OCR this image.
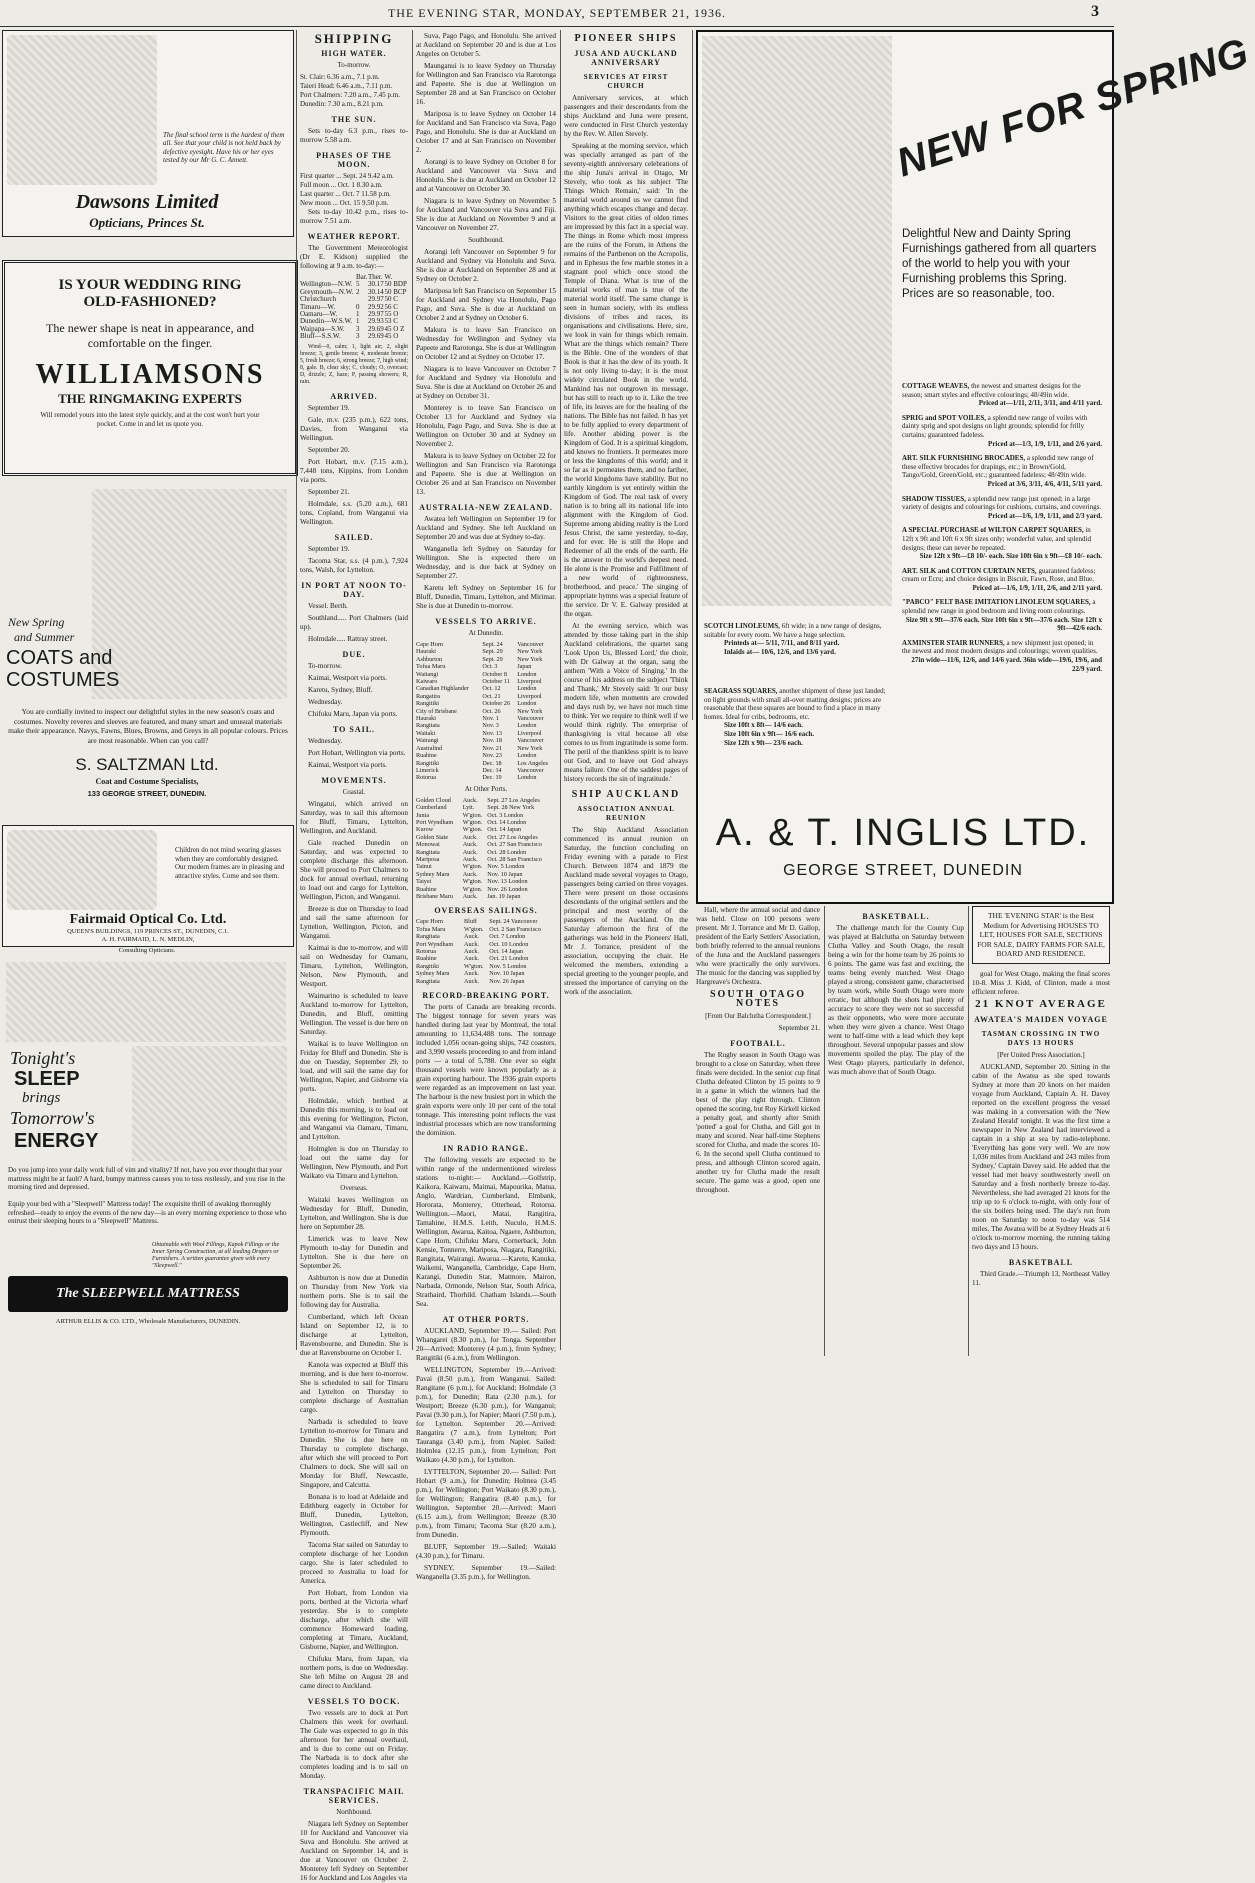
THE EVENING STAR, MONDAY, SEPTEMBER 21, 1936.	3
The final school term is the hardest of them all. See that your child is not held back by defective eyesight. Have his or her eyes tested by our Mr G. C. Annett.
Dawsons Limited
Opticians, Princes St.
IS YOUR WEDDING RING
OLD-FASHIONED?
The newer shape is neat in appearance, and comfortable on the finger.
WILLIAMSONS
THE RINGMAKING EXPERTS
Will remodel yours into the latest style quickly, and at the cost won't hurt your pocket. Come in and let us quote you.
New Spring
and Summer
COATS and
COSTUMES
You are cordially invited to inspect our delightful styles in the new season's coats and costumes. Novelty reveres and sleeves are featured, and many smart and unusual materials make their appearance. Navys, Fawns, Blues, Browns, and Greys in all popular colours. Prices are most reasonable. When can you call?
S. SALTZMAN Ltd.
Coat and Costume Specialists,
133 GEORGE STREET, DUNEDIN.
Children do not mind wearing glasses when they are comfortably designed. Our modern frames are in pleasing and attractive styles. Come and see them.
Fairmaid Optical Co. Ltd.
QUEEN'S BUILDINGS, 119 PRINCES ST., DUNEDIN, C.1.
A. H. FAIRMAID, L. N. MEDLIN,
Consulting Opticians.
Tonight's
SLEEP
brings
Tomorrow's
ENERGY
Do you jump into your daily work full of vim and vitality? If not, have you ever thought that your mattress might be at fault? A hard, bumpy mattress causes you to toss restlessly, and you rise in the morning tired and depressed.
Equip your bed with a "Sleepwell" Mattress today! The exquisite thrill of awaking thoroughly refreshed—ready to enjoy the events of the new day—is an every morning experience to those who entrust their sleeping hours to a "Sleepwell" Mattress.
Obtainable with Wool Fillings, Kapok Fillings or the Inner Spring Construction, at all leading Drapers or Furnishers. A written guarantee given with every "Sleepwell."
The SLEEPWELL MATTRESS
ARTHUR ELLIS & CO. LTD., Wholesale Manufacturers, DUNEDIN.
SHIPPING
HIGH WATER.
To-morrow.
St. Clair: 6.36 a.m., 7.1 p.m.
Taieri Head: 6.46 a.m., 7.11 p.m.
Port Chalmers: 7.20 a.m., 7.45 p.m.
Dunedin: 7.30 a.m., 8.21 p.m.
THE SUN.

Sets to-day 6.3 p.m., rises to-morrow 5.58 a.m.

PHASES OF THE MOON.
First quarter ... Sept. 24 9.42 a.m.
Full moon ... Oct. 1 8.30 a.m.
Last quarter ... Oct. 7 11.58 p.m.
New moon ... Oct. 15 9.50 p.m.

Sets to-day 10.42 p.m., rises to-morrow 7.51 a.m.

WEATHER REPORT.

The Government Meteorologist (Dr E. Kidson) supplied the following at 9 a.m. to-day:—

	Bar.	Ther.	W.
Wellington—N.W.	5	30.17	50 BDP
Greymouth—N.W.	2	30.14	50 BCP
Christchurch		29.97	50 C
Timaru—W.	0	29.92	56 C
Oamaru—W.	1	29.97	55 O
Dunedin—W.S.W.	1	29.93	53 C
Waipapa—S.W.	3	29.69	45 O Z
Bluff—S.S.W.	3	29.69	45 O

Wind—0, calm; 1, light air; 2, slight breeze; 3, gentle breeze; 4, moderate breeze; 5, fresh breeze; 6, strong breeze; 7, high wind; 8, gale. B, clear sky; C, cloudy; O, overcast; D, drizzle; Z, haze; P, passing showers; R, rain.

ARRIVED.

September 19.

Gale, m.v. (235 p.m.), 622 tons, Davies, from Wanganui via Wellington.

September 20.

Port Hobart, m.v. (7.15 a.m.), 7,448 tons, Kippins, from London via ports.

September 21.

Holmdale, s.s. (5.20 a.m.), 681 tons, Copland, from Wanganui via Wellington.

SAILED.

September 19.

Tacoma Star, s.s. (4 p.m.), 7,924 tons, Walsh, for Lyttelton.

IN PORT AT NOON TO-DAY.

Vessel. Berth.

Southland..... Port Chalmers (laid up).

Holmdale..... Rattray street.

DUE.

To-morrow.

Kaimai, Westport via ports.

Karetu, Sydney, Bluff.

Wednesday.

Chifuku Maru, Japan via ports.

TO SAIL.

Wednesday.

Port Hobart, Wellington via ports.

Kaimai, Westport via ports.

MOVEMENTS.
Coastal.

Wingatui, which arrived on Saturday, was to sail this afternoon for Bluff, Timaru, Lyttelton, Wellington, and Auckland.

Gale reached Dunedin on Saturday, and was expected to complete discharge this afternoon. She will proceed to Port Chalmers to dock for annual overhaul, returning to load out and cargo for Lyttelton, Wellington, Picton, and Wanganui.

Breeze is due on Thursday to load and sail the same afternoon for Lyttelton, Wellington, Picton, and Wanganui.

Kaimai is due to-morrow, and will sail on Wednesday for Oamaru, Timaru, Lyttelton, Wellington, Nelson, New Plymouth, and Westport.

Waimarino is scheduled to leave Auckland to-morrow for Lyttelton, Dunedin, and Bluff, omitting Wellington. The vessel is due here on Saturday.

Waikai is to leave Wellington on Friday for Bluff and Dunedin. She is due on Tuesday, September 29, to load, and will sail the same day for Wellington, Napier, and Gisborne via ports.

Holmdale, which berthed at Dunedin this morning, is to load out this evening for Wellington, Picton, and Wanganui via Oamaru, Timaru, and Lyttelton.

Holmglen is due on Thursday to load out the same day for Wellington, New Plymouth, and Port Waikato via Timaru and Lyttelton.

Overseas.

Waitaki leaves Wellington on Wednesday for Bluff, Dunedin, Lyttelton, and Wellington. She is due here on September 28.

Limerick was to leave New Plymouth to-day for Dunedin and Lyttelton. She is due here on September 26.

Ashburton is now due at Dunedin on Thursday from New York via northern ports. She is to sail the following day for Australia.

Cumberland, which left Ocean Island on September 12, is to discharge at Lyttelton, Ravensbourne, and Dunedin. She is due at Ravensbourne on October 1.

Kanola was expected at Bluff this morning, and is due here to-morrow. She is scheduled to sail for Timaru and Lyttelton on Thursday to complete discharge of Australian cargo.

Narbada is scheduled to leave Lyttelton to-morrow for Timaru and Dunedin. She is due here on Thursday to complete discharge, after which she will proceed to Port Chalmers to dock. She will sail on Monday for Bluff, Newcastle, Singapore, and Calcutta.

Bonana is to load at Adelaide and Edithburg eagerly in October for Bluff, Dunedin, Lyttelton, Wellington, Castlecliff, and New Plymouth.

Tacoma Star sailed on Saturday to complete discharge of her London cargo. She is later scheduled to proceed to Australia to load for America.

Port Hobart, from London via ports, berthed at the Victoria wharf yesterday. She is to complete discharge, after which she will commence Homeward loading, completing at Timaru, Auckland, Gisborne, Napier, and Wellington.

Chifuku Maru, from Japan, via northern ports, is due on Wednesday. She left Milne on August 28 and came direct to Auckland.

VESSELS TO DOCK.

Two vessels are to dock at Port Chalmers this week for overhaul. The Gale was expected to go in this afternoon for her annual overhaul, and is due to come out on Friday. The Narbada is to dock after she completes loading and is to sail on Monday.

TRANSPACIFIC MAIL SERVICES.
Northbound.

Niagara left Sydney on September 10 for Auckland and Vancouver via Suva and Honolulu. She arrived at Auckland on September 14, and is due at Vancouver on October 2. Monterey left Sydney on September 16 for Auckland and Los Angeles via

Suva, Pago Pago, and Honolulu. She arrived at Auckland on September 20 and is due at Los Angeles on October 5.

Maunganui is to leave Sydney on Thursday for Wellington and San Francisco via Rarotonga and Papeete. She is due at Wellington on September 28 and at San Francisco on October 16.

Mariposa is to leave Sydney on October 14 for Auckland and San Francisco via Suva, Pago Pago, and Honolulu. She is due at Auckland on October 17 and at San Francisco on November 2.

Aorangi is to leave Sydney on October 8 for Auckland and Vancouver via Suva and Honolulu. She is due at Auckland on October 12 and at Vancouver on October 30.

Niagara is to leave Sydney on November 5 for Auckland and Vancouver via Suva and Fiji. She is due at Auckland on November 9 and at Vancouver on November 27.

Southbound.

Aorangi left Vancouver on September 9 for Auckland and Sydney via Honolulu and Suva. She is due at Auckland on September 28 and at Sydney on October 2.

Mariposa left San Francisco on September 15 for Auckland and Sydney via Honolulu, Pago Pago, and Suva. She is due at Auckland on October 2 and at Sydney on October 6.

Makura is to leave San Francisco on Wednesday for Wellington and Sydney via Papeete and Rarotonga. She is due at Wellington on October 12 and at Sydney on October 17.

Niagara is to leave Vancouver on October 7 for Auckland and Sydney via Honolulu and Suva. She is due at Auckland on October 26 and at Sydney on October 31.

Monterey is to leave San Francisco on October 13 for Auckland and Sydney via Honolulu, Pago Pago, and Suva. She is due at Wellington on October 30 and at Sydney on November 2.

Makura is to leave Sydney on October 22 for Wellington and San Francisco via Rarotonga and Papeete. She is due at Wellington on October 26 and at San Francisco on November 13.

AUSTRALIA-NEW ZEALAND.

Awatea left Wellington on September 19 for Auckland and Sydney. She left Auckland on September 20 and was due at Sydney to-day.

Wanganella left Sydney on Saturday for Wellington. She is expected there on Wednesday, and is due back at Sydney on September 27.

Karetu left Sydney on September 16 for Bluff, Dunedin, Timaru, Lyttelton, and Mirimar. She is due at Dunedin to-morrow.

VESSELS TO ARRIVE.
At Dunedin.
Cape Horn	Sept. 24	Vancouver
Hauraki	Sept. 29	New York
Ashburton	Sept. 29	New York
Tofua Maru	Oct. 3	Japan
Waitangi	October 8	London
Kaiwaro	October 11	Liverpool
Canadian Highlander	Oct. 12	London
Rangatira	Oct. 21	Liverpool
Rangitiki	October 26	London
City of Brisbane	Oct. 26	New York
Hauraki	Nov. 1	Vancouver
Rangitata	Nov. 3	London
Waitaki	Nov. 13	Liverpool
Wairangi	Nov. 18	Vancouver
Australind	Nov. 21	New York
Ruahine	Nov. 23	London
Rangitiki	Dec. 18	Los Angeles
Limerick	Dec. 14	Vancouver
Rotorua	Dec. 19	London
At Other Ports.
Golden Cloud	Auck.	Sept. 27 Los Angeles
Cumberland	Lytt.	Sept. 28 New York
Junia	W'gton.	Oct. 3 London
Port Wyndham	W'gton.	Oct. 14 London
Kurow	W'gton.	Oct. 14 Japan
Golden State	Auck.	Oct. 27 Los Angeles
Monowai	Auck.	Oct. 27 San Francisco
Rangitata	Auck.	Oct. 28 London
Mariposa	Auck.	Oct. 28 San Francisco
Tainui	W'gton.	Nov. 5 London
Sydney Maru	Auck.	Nov. 10 Japan
Taiyei	W'gton.	Nov. 13 London
Ruahine	W'gton.	Nov. 26 London
Brisbane Maru	Auck.	Jan. 19 Japan
OVERSEAS SAILINGS.
Cape Horn	Bluff	Sept. 24 Vancouver
Tofua Maru	W'gton.	Oct. 2 San Francisco
Rangitata	Auck.	Oct. 7 London
Port Wyndham	Auck.	Oct. 10 London
Rotorua	Auck.	Oct. 14 Japan
Ruahine	Auck.	Oct. 21 London
Rangitiki	W'gton.	Nov. 5 London
Sydney Maru	Auck.	Nov. 10 Japan
Rangitata	Auck.	Nov. 26 Japan
RECORD-BREAKING PORT.

The ports of Canada are breaking records. The biggest tonnage for seven years was handled during last year by Montreal, the total amounting to 11,634,488 tons. The tonnage included 1,056 ocean-going ships, 742 coasters, and 3,990 vessels proceeding to and from inland ports — a total of 5,788. One ever so eight thousand vessels were known popularly as a grain exporting harbour. The 1936 grain exports were regarded as an improvement on last year. The harbour is the new busiest port in which the grain exports were only 10 per cent of the total tonnage. This interesting point reflects the vast industrial processes which are now transforming the dominion.

IN RADIO RANGE.

The following vessels are expected to be within range of the undermentioned wireless stations to-night:— Auckland.—Golfstrip, Kaikora, Kaiwaru, Maimai, Mapourika, Matua, Anglo, Wardrian, Cumberland, Elmbank, Hororata, Monterey, Otterhead, Rotorua. Wellington.—Maori, Matai, Rangitira, Tamahine, H.M.S. Leith, Nuculo, H.M.S. Wellington, Awarua, Kaitoa, Ngaere, Ashburton, Cape Horn, Chifuku Maru, Cornerback, John Kensie, Tonnerre, Mariposa, Niagara, Rangitiki, Rangitata, Wairangi. Awarua.—Karetu, Kanuka, Waikemi, Wanganella, Cambridge, Cape Horn, Karangi, Dunedin Star, Matmore, Mairon, Narbada, Ormonde, Nelson Star, South Africa, Strathaird, Thorhild. Chatham Islands.—South Sea.

AT OTHER PORTS.

AUCKLAND, September 19.— Sailed: Port Whangarei (8.30 p.m.), for Tonga. September 20—Arrived: Monterey (4 p.m.), from Sydney; Rangitiki (6 a.m.), from Wellington.

WELLINGTON, September 19.—Arrived: Pavai (8.50 p.m.), from Wanganui. Sailed: Rangitane (6 p.m.), for Auckland; Holmdale (3 p.m.), for Dunedin; Rata (2.30 p.m.), for Westport; Breeze (6.30 p.m.), for Wanganui; Pavai (9.30 p.m.), for Napier; Maori (7.50 p.m.), for Lyttelton. September 20.—Arrived: Rangatira (7 a.m.), from Lyttelton; Port Tauranga (3.40 p.m.), from Napier. Sailed: Holmlea (12.15 p.m.), from Lyttelton; Port Waikato (4.30 p.m.), for Lyttelton.

LYTTELTON, September 20.— Sailed: Port Hobart (9 a.m.), for Dunedin; Holmea (3.45 p.m.), for Wellington; Port Waikato (8.30 p.m.), for Wellington; Rangatira (8.40 p.m.), for Wellington. September 20.—Arrived: Maori (6.15 a.m.), from Wellington; Breeze (8.30 p.m.), from Timaru; Tacoma Star (8.20 a.m.), from Dunedin.

BLUFF, September 19.—Sailed: Waitaki (4.30 p.m.), for Timaru.

SYDNEY, September 19.—Sailed: Wanganella (3.35 p.m.), for Wellington.

PIONEER SHIPS
JUSA AND AUCKLAND ANNIVERSARY
SERVICES AT FIRST CHURCH

Anniversary services, at which passengers and their descendants from the ships Auckland and Juna were present, were conducted in First Church yesterday by the Rev. W. Allen Stevely.

Speaking at the morning service, which was specially arranged as part of the seventy-eighth anniversary celebrations of the ship Juna's arrival in Otago, Mr Stevely, who took as his subject 'The Things Which Remain,' said: 'In the material world around us we cannot find anything which escapes change and decay. Visitors to the great cities of olden times are impressed by this fact in a special way. The things in Rome which most impress are the ruins of the Forum, in Athens the remains of the Parthenon on the Acropolis, and in Ephesus the few marble stones in a stagnant pool which once stood the Temple of Diana. What is true of the material works of man is true of the material world itself. The same change is seen in human society, with its endless divisions of tribes and races, its organisations and civilisations. Here, sire, we look in vain for things which remain. What are the things which remain? There is the Bible. One of the wonders of that Book is that it has the dew of its youth. It is not only living to-day; it is the most widely circulated Book in the world. Mankind has not outgrown its message, but has still to reach up to it. Like the tree of life, its leaves are for the healing of the nations. The Bible has not failed. It has yet to be fully applied to every department of life. Another abiding power is the Kingdom of God. It is a spiritual kingdom, and knows no frontiers. It permeates more or less the kingdoms of this world; and it so far as it permeates them, and no farther, the world kingdoms have stability. But no earthly kingdom is yet entirely within the Kingdom of God. The real task of every nation is to bring all its national life into alignment with the Kingdom of God. Supreme among abiding reality is the Lord Jesus Christ, the same yesterday, to-day, and for ever. He is still the Hope and Redeemer of all the ends of the earth. He is the answer to the world's deepest need. He alone is the Promise and Fulfilment of a new world of righteousness, brotherhood, and peace.' The singing of appropriate hymns was a special feature of the service. Dr V. E. Galway presided at the organ.

At the evening service, which was attended by those taking part in the ship Auckland celebrations, the quartet sang 'Look Upon Us, Blessed Lord,' the choir, with Dr Galway at the organ, sang the anthem 'With a Voice of Singing.' In the course of his address on the subject 'Think and Thank,' Mr Stevely said: 'It our busy modern life, when moments are crowded and days rush by, we have not much time to think. Yet we require to think well if we would think rightly. The enterprise of thanksgiving is vital because all else comes to us from ingratitude is some form. The peril of the thankless spirit is to leave out God, and to leave out God always means failure. One of the saddest pages of history records the sin of ingratitude.'

SHIP AUCKLAND
ASSOCIATION ANNUAL REUNION

The Ship Auckland Association commenced its annual reunion on Saturday, the function concluding on Friday evening with a parade to First Church. Between 1874 and 1879 the Auckland made several voyages to Otago, passengers being carried on three voyages. There were present on those occasions descendants of the original settlers and the principal and most worthy of the passengers of the Auckland. On the Saturday afternoon the first of the gatherings was held in the Pioneers' Hall, Mr J. Torrance, president of the association, occupying the chair. He welcomed the members, extending a special greeting to the younger people, and stressed the importance of carrying on the work of the association.

NEW FOR SPRING
Delightful New and Dainty Spring Furnishings gathered from all quarters of the world to help you with your Furnishing problems this Spring. Prices are so reasonable, too.
COTTAGE WEAVES, the newest and smartest designs for the season; smart styles and effective colourings; 48/49in wide.
Priced at—1/11, 2/11, 3/11, and 4/11 yard.
SPRIG and SPOT VOILES, a splendid new range of voiles with dainty sprig and spot designs on light grounds; splendid for frilly curtains; guaranteed fadeless.
Priced at—1/3, 1/9, 1/11, and 2/6 yard.
ART. SILK FURNISHING BROCADES, a splendid new range of these effective brocades for drapings, etc.; in Brown/Gold, Tango/Gold, Green/Gold, etc.; guaranteed fadeless; 48/49in wide.
Priced at 3/6, 3/11, 4/6, 4/11, 5/11 yard.
SHADOW TISSUES, a splendid new range just opened; in a large variety of designs and colourings for cushions, curtains, and coverings.
Priced at—1/6, 1/9, 1/11, and 2/3 yard.
A SPECIAL PURCHASE of WILTON CARPET SQUARES, in 12ft x 9ft and 10ft 6 x 9ft sizes only; wonderful value, and splendid designs; these can never be repeated.
Size 12ft x 9ft—£8 10/- each. Size 10ft 6in x 9ft—£8 10/- each.
ART. SILK and COTTON CURTAIN NETS, guaranteed fadeless; cream or Ecru; and choice designs in Biscuit, Fawn, Rose, and Blue.
Priced at—1/6, 1/9, 1/11, 2/6, and 2/11 yard.
"PABCO" FELT BASE IMITATION LINOLEUM SQUARES, a splendid new range in good bedroom and living room colourings.
Size 9ft x 9ft—37/6 each. Size 10ft 6in x 9ft—37/6 each. Size 12ft x 9ft—42/6 each.
AXMINSTER STAIR RUNNERS, a new shipment just opened; in the newest and most modern designs and colourings; woven qualities.
27in wide—11/6, 12/6, and 14/6 yard. 36in wide—19/6, 19/6, and 22/9 yard.
SCOTCH LINOLEUMS, 6ft wide; in a new range of designs, suitable for every room. We have a huge selection.
Printeds at— 5/11, 7/11, and 8/11 yard.
Inlaids at— 10/6, 12/6, and 13/6 yard.
SEAGRASS SQUARES, another shipment of these just landed; on light grounds with small all-over matting designs; prices are reasonable that these squares are bound to find a place in many homes. Ideal for cribs, bedrooms, etc.
Size 10ft x 8ft— 14/6 each.
Size 10ft 6in x 9ft— 16/6 each.
Size 12ft x 9ft— 23/6 each.
A. & T. INGLIS LTD.
GEORGE STREET, DUNEDIN

Hall, where the annual social and dance was held. Close on 100 persons were present. Mr J. Torrance and Mr D. Gallop, president of the Early Settlers' Association, both briefly referred to the annual reunions of the Juna and the Auckland passengers who were practically the only survivors. The music for the dancing was supplied by Hargreave's Orchestra.

SOUTH OTAGO NOTES
[From Our Balclutha Correspondent.]
September 21.
FOOTBALL.

The Rugby season in South Otago was brought to a close on Saturday, when three finals were decided. In the senior cup final Clutha defeated Clinton by 15 points to 9 in a game in which the winners had the best of the play right through. Clinton opened the scoring, but Roy Kirkell kicked a penalty goal, and shortly after Smith 'potted' a goal for Clutha, and Gill got in many and scored. Near half-time Stephens scored for Clutha, and made the scores 10-6. In the second spell Clutha continued to press, and although Clinton scored again, another try for Clutha made the result secure. The game was a good, open one throughout.

BASKETBALL.

The challenge match for the County Cup was played at Balclutha on Saturday between Clutha Valley and South Otago, the result being a win for the home team by 26 points to 6 points. The game was fast and exciting, the teams being evenly matched. West Otago played a strong, consistent game, characterised by team work, while South Otago were more erratic, but although the shots had plenty of accuracy to score they were not so successful as their opponents, who were more accurate when they were given a chance. West Otago went to half-time with a lead which they kept throughout. Several unpopular passes and slow movements spoiled the play. The play of the West Otago players, particularly in defence, was much above that of South Otago.

THE 'EVENING STAR' is the Best Medium for Advertising HOUSES TO LET, HOUSES FOR SALE, SECTIONS FOR SALE, DAIRY FARMS FOR SALE, BOARD AND RESIDENCE.

goal for West Otago, making the final scores 10-8. Miss J. Kidd, of Clinton, made a most efficient referee.

21 KNOT AVERAGE
AWATEA'S MAIDEN VOYAGE
TASMAN CROSSING IN TWO DAYS 13 HOURS
[Per United Press Association.]

AUCKLAND, September 20. Sitting in the cabin of the Awatea as she sped towards Sydney at more than 20 knots on her maiden voyage from Auckland, Captain A. H. Davey reported on the excellent progress the vessel was making in a conversation with the 'New Zealand Herald' tonight. It was the first time a newspaper in New Zealand had interviewed a captain in a ship at sea by radio-telephone. 'Everything has gone very well. We are now 1,036 miles from Auckland and 243 miles from Sydney,' Captain Davey said. He added that the vessel had met heavy southwesterly swell on Saturday and a fresh northerly breeze to-day. Nevertheless, she had averaged 21 knots for the trip up to 6 o'clock to-night, with only four of the six boilers being used. The day's run from noon on Saturday to noon to-day was 514 miles. The Awatea will be at Sydney Heads at 6 o'clock to-morrow morning, the running taking two days and 13 hours.

BASKETBALL

Third Grade.—Triumph 13, Northeast Valley 11.
